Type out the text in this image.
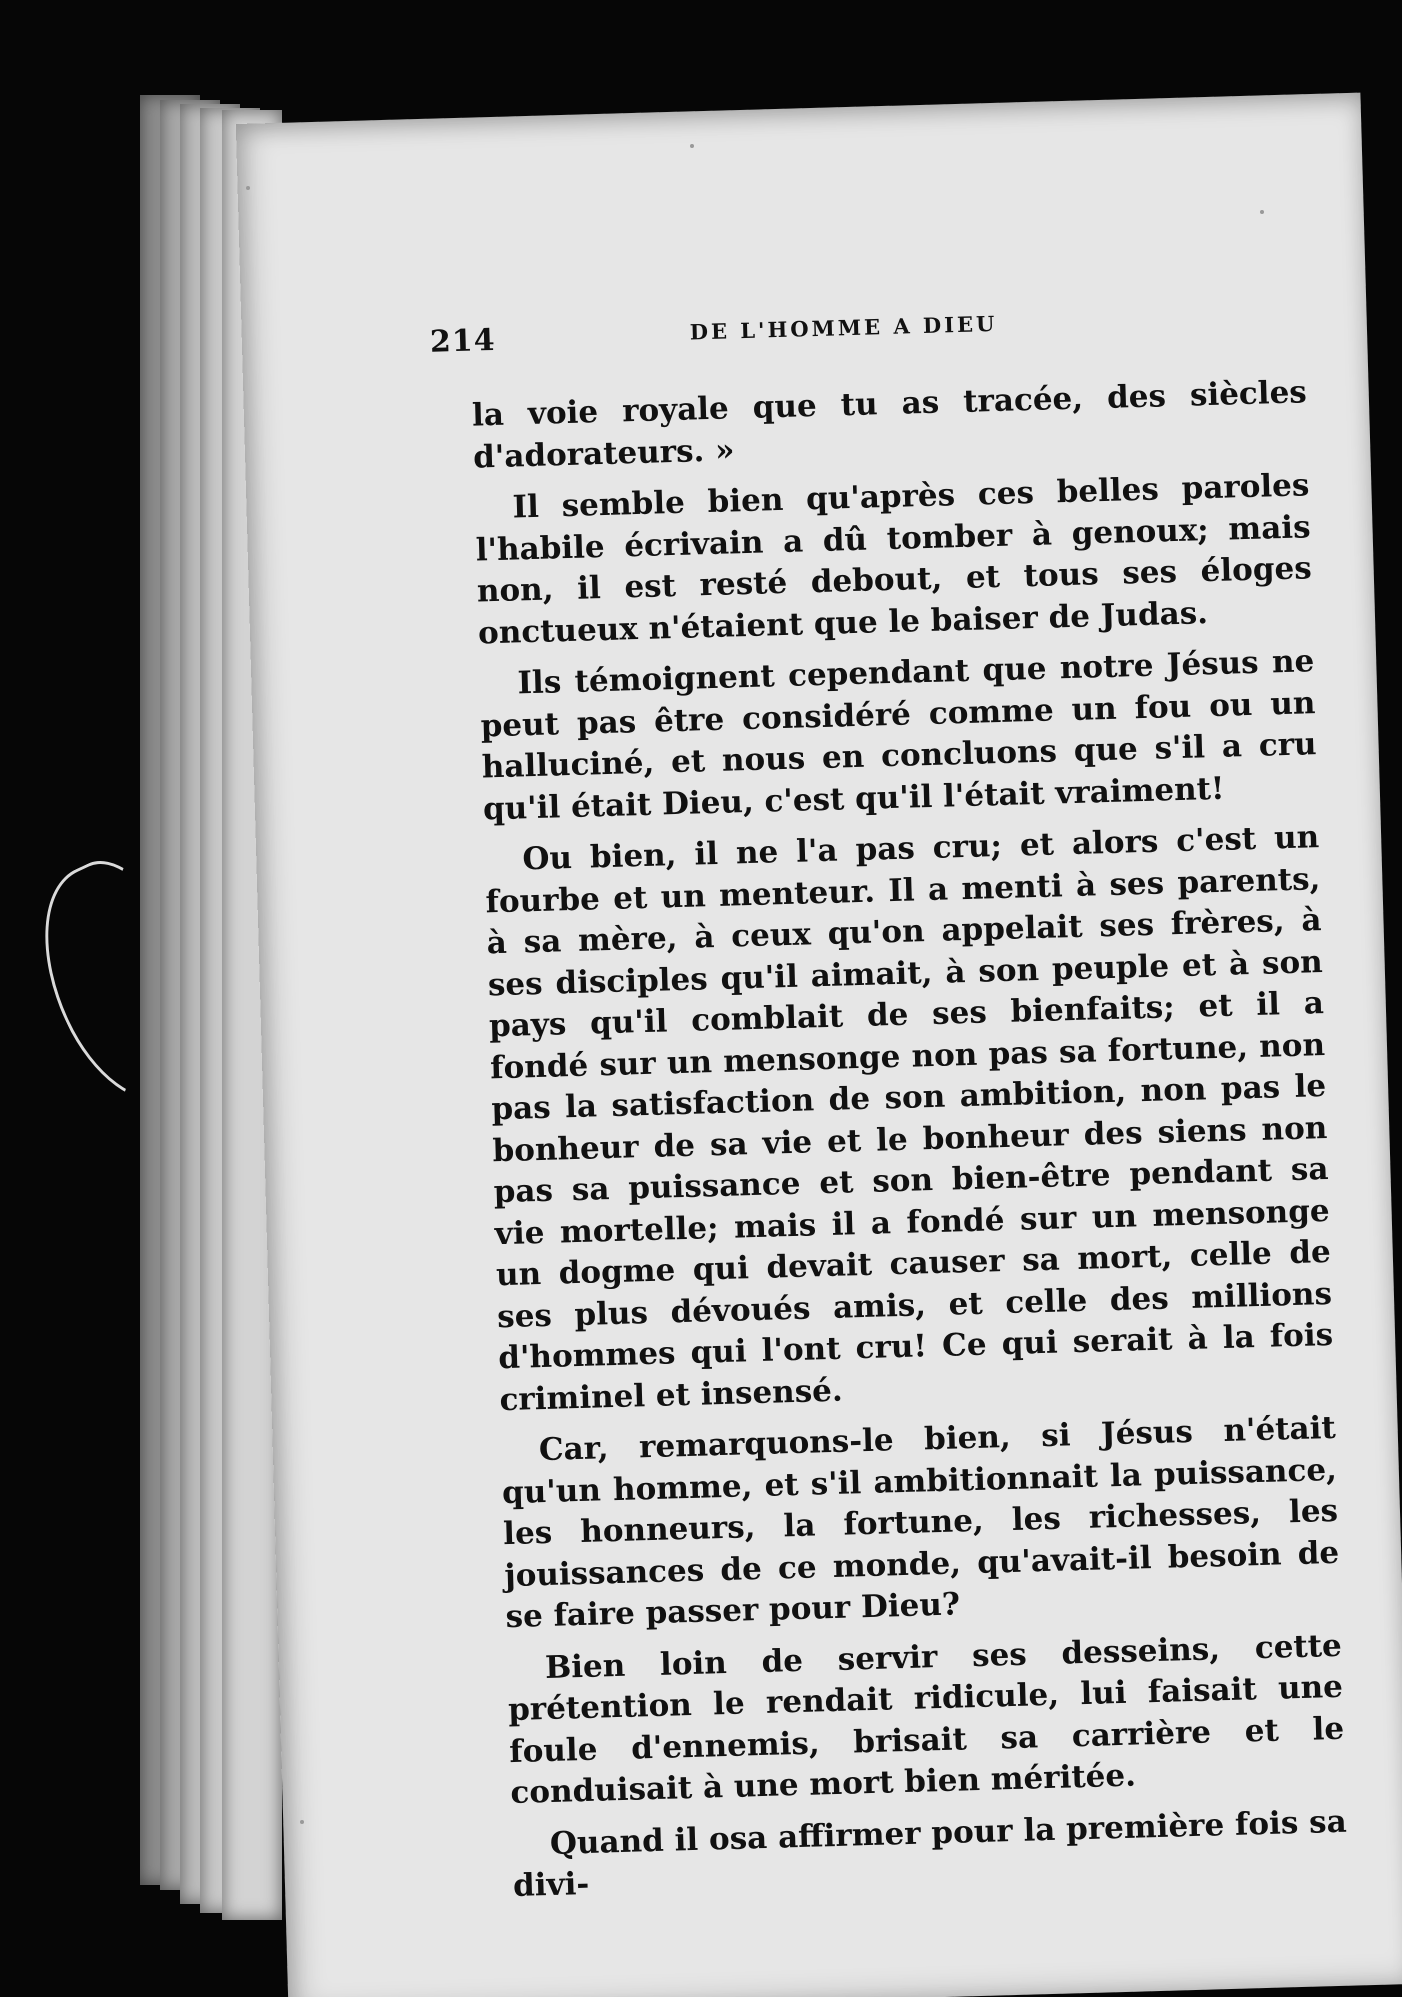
214	DE L'HOMME A DIEU

la voie royale que tu as tracée, des siècles d'adorateurs. »

Il semble bien qu'après ces belles paroles l'habile écrivain a dû tomber à genoux; mais non, il est resté debout, et tous ses éloges onctueux n'étaient que le baiser de Judas.

Ils témoignent cependant que notre Jésus ne peut pas être considéré comme un fou ou un halluciné, et nous en concluons que s'il a cru qu'il était Dieu, c'est qu'il l'était vraiment!

Ou bien, il ne l'a pas cru; et alors c'est un fourbe et un menteur. Il a menti à ses parents, à sa mère, à ceux qu'on appelait ses frères, à ses disciples qu'il aimait, à son peuple et à son pays qu'il comblait de ses bienfaits; et il a fondé sur un mensonge non pas sa fortune, non pas la satisfaction de son ambition, non pas le bonheur de sa vie et le bonheur des siens non pas sa puissance et son bien-être pendant sa vie mortelle; mais il a fondé sur un mensonge un dogme qui devait causer sa mort, celle de ses plus dévoués amis, et celle des millions d'hommes qui l'ont cru! Ce qui serait à la fois criminel et insensé.

Car, remarquons-le bien, si Jésus n'était qu'un homme, et s'il ambitionnait la puissance, les honneurs, la fortune, les richesses, les jouissances de ce monde, qu'avait-il besoin de se faire passer pour Dieu?

Bien loin de servir ses desseins, cette prétention le rendait ridicule, lui faisait une foule d'ennemis, brisait sa carrière et le conduisait à une mort bien méritée.

Quand il osa affirmer pour la première fois sa divi-
